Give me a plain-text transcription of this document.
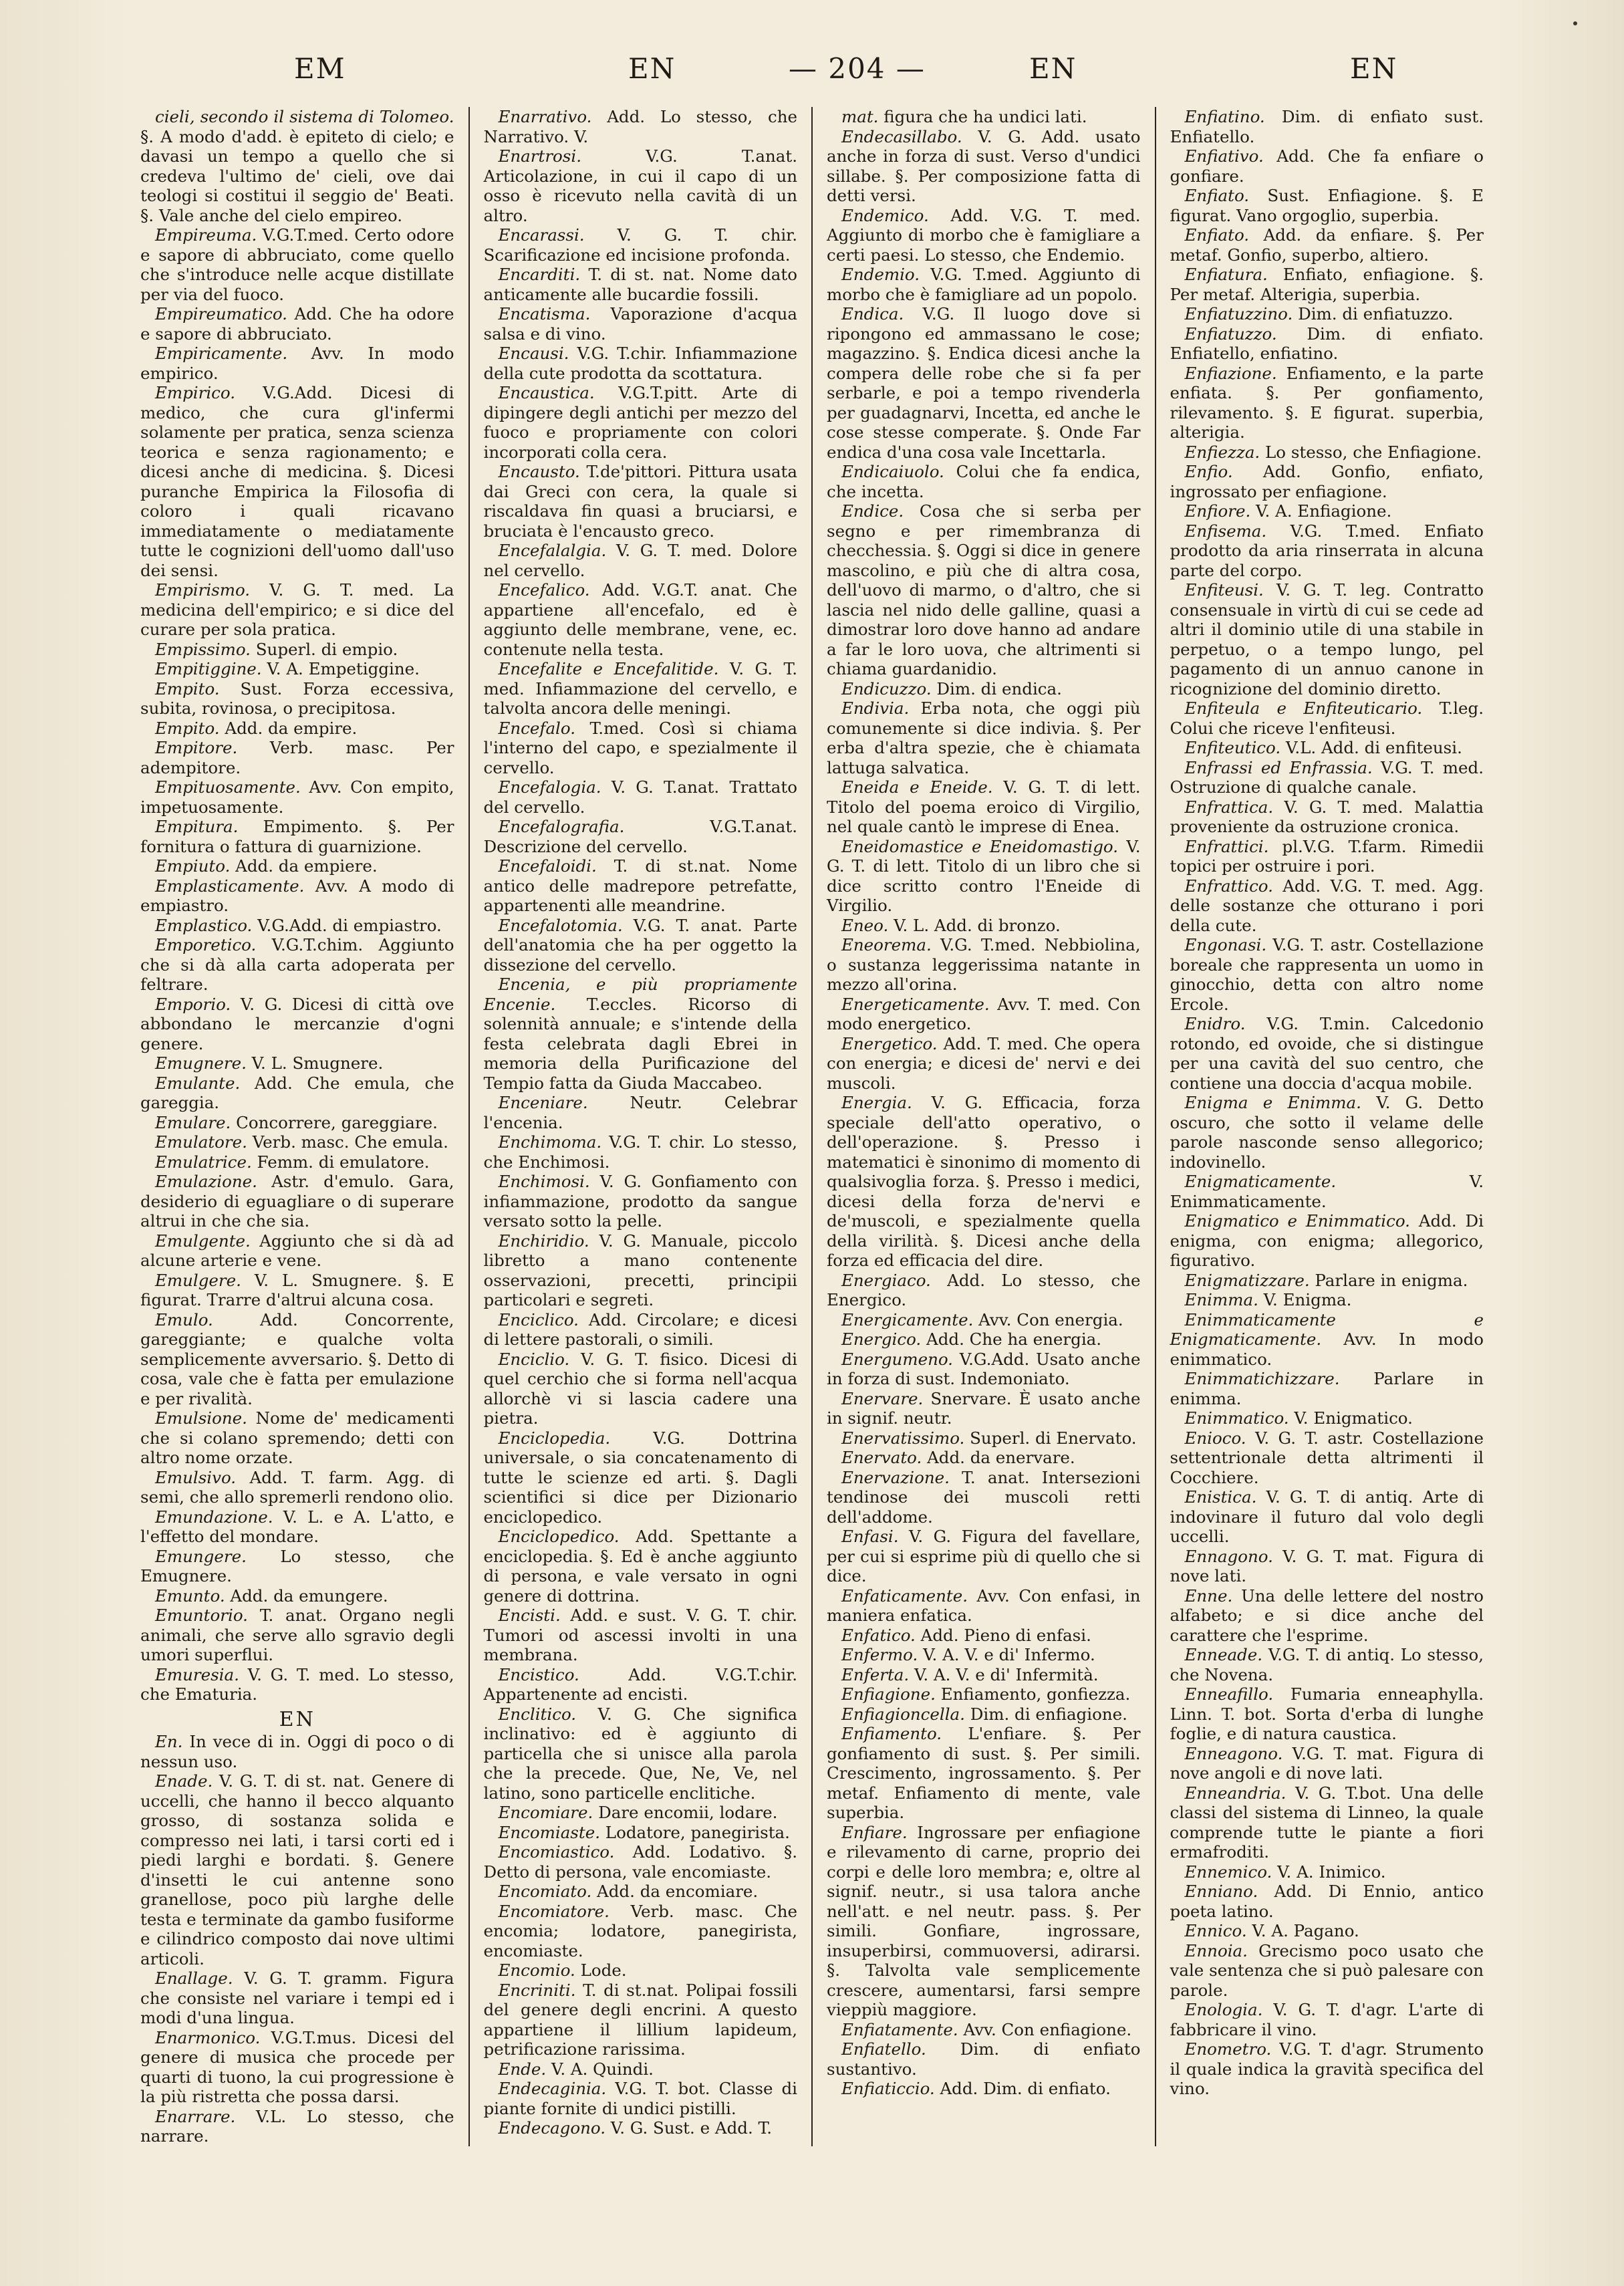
EM	EN	— 204 —	EN	EN

cieli, secondo il sistema di Tolomeo. §. A modo d'add. è epiteto di cielo; e davasi un tempo a quello che si credeva l'ultimo de' cieli, ove dai teologi si costitui il seggio de' Beati. §. Vale anche del cielo empireo.

Empireuma. V.G.T.med. Certo odore e sapore di abbruciato, come quello che s'introduce nelle acque distillate per via del fuoco.

Empireumatico. Add. Che ha odore e sapore di abbruciato.

Empiricamente. Avv. In modo empirico.

Empirico. V.G.Add. Dicesi di medico, che cura gl'infermi solamente per pratica, senza scienza teorica e senza ragionamento; e dicesi anche di medicina. §. Dicesi puranche Empirica la Filosofia di coloro i quali ricavano immediatamente o mediatamente tutte le cognizioni dell'uomo dall'uso dei sensi.

Empirismo. V. G. T. med. La medicina dell'empirico; e si dice del curare per sola pratica.

Empissimo. Superl. di empio.

Empitiggine. V. A. Empetiggine.

Empito. Sust. Forza eccessiva, subita, rovinosa, o precipitosa.

Empito. Add. da empire.

Empitore. Verb. masc. Per adempitore.

Empituosamente. Avv. Con empito, impetuosamente.

Empitura. Empimento. §. Per fornitura o fattura di guarnizione.

Empiuto. Add. da empiere.

Emplasticamente. Avv. A modo di empiastro.

Emplastico. V.G.Add. di empiastro.

Emporetico. V.G.T.chim. Aggiunto che si dà alla carta adoperata per feltrare.

Emporio. V. G. Dicesi di città ove abbondano le mercanzie d'ogni genere.

Emugnere. V. L. Smugnere.

Emulante. Add. Che emula, che gareggia.

Emulare. Concorrere, gareggiare.

Emulatore. Verb. masc. Che emula.

Emulatrice. Femm. di emulatore.

Emulazione. Astr. d'emulo. Gara, desiderio di eguagliare o di superare altrui in che che sia.

Emulgente. Aggiunto che si dà ad alcune arterie e vene.

Emulgere. V. L. Smugnere. §. E figurat. Trarre d'altrui alcuna cosa.

Emulo. Add. Concorrente, gareggiante; e qualche volta semplicemente avversario. §. Detto di cosa, vale che è fatta per emulazione e per rivalità.

Emulsione. Nome de' medicamenti che si colano spremendo; detti con altro nome orzate.

Emulsivo. Add. T. farm. Agg. di semi, che allo spremerli rendono olio.

Emundazione. V. L. e A. L'atto, e l'effetto del mondare.

Emungere. Lo stesso, che Emugnere.

Emunto. Add. da emungere.

Emuntorio. T. anat. Organo negli animali, che serve allo sgravio degli umori superflui.

Emuresia. V. G. T. med. Lo stesso, che Ematuria.

EN

En. In vece di in. Oggi di poco o di nessun uso.

Enade. V. G. T. di st. nat. Genere di uccelli, che hanno il becco alquanto grosso, di sostanza solida e compresso nei lati, i tarsi corti ed i piedi larghi e bordati. §. Genere d'insetti le cui antenne sono granellose, poco più larghe delle testa e terminate da gambo fusiforme e cilindrico composto dai nove ultimi articoli.

Enallage. V. G. T. gramm. Figura che consiste nel variare i tempi ed i modi d'una lingua.

Enarmonico. V.G.T.mus. Dicesi del genere di musica che procede per quarti di tuono, la cui progressione è la più ristretta che possa darsi.

Enarrare. V.L. Lo stesso, che narrare.

Enarrativo. Add. Lo stesso, che Narrativo. V.

Enartrosi. V.G. T.anat. Articolazione, in cui il capo di un osso è ricevuto nella cavità di un altro.

Encarassi. V. G. T. chir. Scarificazione ed incisione profonda.

Encarditi. T. di st. nat. Nome dato anticamente alle bucardie fossili.

Encatisma. Vaporazione d'acqua salsa e di vino.

Encausi. V.G. T.chir. Infiammazione della cute prodotta da scottatura.

Encaustica. V.G.T.pitt. Arte di dipingere degli antichi per mezzo del fuoco e propriamente con colori incorporati colla cera.

Encausto. T.de'pittori. Pittura usata dai Greci con cera, la quale si riscaldava fin quasi a bruciarsi, e bruciata è l'encausto greco.

Encefalalgia. V. G. T. med. Dolore nel cervello.

Encefalico. Add. V.G.T. anat. Che appartiene all'encefalo, ed è aggiunto delle membrane, vene, ec. contenute nella testa.

Encefalite e Encefalitide. V. G. T. med. Infiammazione del cervello, e talvolta ancora delle meningi.

Encefalo. T.med. Così si chiama l'interno del capo, e spezialmente il cervello.

Encefalogia. V. G. T.anat. Trattato del cervello.

Encefalografia. V.G.T.anat. Descrizione del cervello.

Encefaloidi. T. di st.nat. Nome antico delle madrepore petrefatte, appartenenti alle meandrine.

Encefalotomia. V.G. T. anat. Parte dell'anatomia che ha per oggetto la dissezione del cervello.

Encenia, e più propriamente Encenie. T.eccles. Ricorso di solennità annuale; e s'intende della festa celebrata dagli Ebrei in memoria della Purificazione del Tempio fatta da Giuda Maccabeo.

Enceniare. Neutr. Celebrar l'encenia.

Enchimoma. V.G. T. chir. Lo stesso, che Enchimosi.

Enchimosi. V. G. Gonfiamento con infiammazione, prodotto da sangue versato sotto la pelle.

Enchiridio. V. G. Manuale, piccolo libretto a mano contenente osservazioni, precetti, principii particolari e segreti.

Enciclico. Add. Circolare; e dicesi di lettere pastorali, o simili.

Enciclio. V. G. T. fisico. Dicesi di quel cerchio che si forma nell'acqua allorchè vi si lascia cadere una pietra.

Enciclopedia. V.G. Dottrina universale, o sia concatenamento di tutte le scienze ed arti. §. Dagli scientifici si dice per Dizionario enciclopedico.

Enciclopedico. Add. Spettante a enciclopedia. §. Ed è anche aggiunto di persona, e vale versato in ogni genere di dottrina.

Encisti. Add. e sust. V. G. T. chir. Tumori od ascessi involti in una membrana.

Encistico. Add. V.G.T.chir. Appartenente ad encisti.

Enclitico. V. G. Che significa inclinativo: ed è aggiunto di particella che si unisce alla parola che la precede. Que, Ne, Ve, nel latino, sono particelle enclitiche.

Encomiare. Dare encomii, lodare.

Encomiaste. Lodatore, panegirista.

Encomiastico. Add. Lodativo. §. Detto di persona, vale encomiaste.

Encomiato. Add. da encomiare.

Encomiatore. Verb. masc. Che encomia; lodatore, panegirista, encomiaste.

Encomio. Lode.

Encriniti. T. di st.nat. Polipai fossili del genere degli encrini. A questo appartiene il lillium lapideum, petrificazione rarissima.

Ende. V. A. Quindi.

Endecaginia. V.G. T. bot. Classe di piante fornite di undici pistilli.

Endecagono. V. G. Sust. e Add. T.

mat. figura che ha undici lati.

Endecasillabo. V. G. Add. usato anche in forza di sust. Verso d'undici sillabe. §. Per composizione fatta di detti versi.

Endemico. Add. V.G. T. med. Aggiunto di morbo che è famigliare a certi paesi. Lo stesso, che Endemio.

Endemio. V.G. T.med. Aggiunto di morbo che è famigliare ad un popolo.

Endica. V.G. Il luogo dove si ripongono ed ammassano le cose; magazzino. §. Endica dicesi anche la compera delle robe che si fa per serbarle, e poi a tempo rivenderla per guadagnarvi, Incetta, ed anche le cose stesse comperate. §. Onde Far endica d'una cosa vale Incettarla.

Endicaiuolo. Colui che fa endica, che incetta.

Endice. Cosa che si serba per segno e per rimembranza di checchessia. §. Oggi si dice in genere mascolino, e più che di altra cosa, dell'uovo di marmo, o d'altro, che si lascia nel nido delle galline, quasi a dimostrar loro dove hanno ad andare a far le loro uova, che altrimenti si chiama guardanidio.

Endicuzzo. Dim. di endica.

Endivia. Erba nota, che oggi più comunemente si dice indivia. §. Per erba d'altra spezie, che è chiamata lattuga salvatica.

Eneida e Eneide. V. G. T. di lett. Titolo del poema eroico di Virgilio, nel quale cantò le imprese di Enea.

Eneidomastice e Eneidomastigo. V. G. T. di lett. Titolo di un libro che si dice scritto contro l'Eneide di Virgilio.

Eneo. V. L. Add. di bronzo.

Eneorema. V.G. T.med. Nebbiolina, o sustanza leggerissima natante in mezzo all'orina.

Energeticamente. Avv. T. med. Con modo energetico.

Energetico. Add. T. med. Che opera con energia; e dicesi de' nervi e dei muscoli.

Energia. V. G. Efficacia, forza speciale dell'atto operativo, o dell'operazione. §. Presso i matematici è sinonimo di momento di qualsivoglia forza. §. Presso i medici, dicesi della forza de'nervi e de'muscoli, e spezialmente quella della virilità. §. Dicesi anche della forza ed efficacia del dire.

Energiaco. Add. Lo stesso, che Energico.

Energicamente. Avv. Con energia.

Energico. Add. Che ha energia.

Energumeno. V.G.Add. Usato anche in forza di sust. Indemoniato.

Enervare. Snervare. È usato anche in signif. neutr.

Enervatissimo. Superl. di Enervato.

Enervato. Add. da enervare.

Enervazione. T. anat. Intersezioni tendinose dei muscoli retti dell'addome.

Enfasi. V. G. Figura del favellare, per cui si esprime più di quello che si dice.

Enfaticamente. Avv. Con enfasi, in maniera enfatica.

Enfatico. Add. Pieno di enfasi.

Enfermo. V. A. V. e di' Infermo.

Enferta. V. A. V. e di' Infermità.

Enfiagione. Enfiamento, gonfiezza.

Enfiagioncella. Dim. di enfiagione.

Enfiamento. L'enfiare. §. Per gonfiamento di sust. §. Per simili. Crescimento, ingrossamento. §. Per metaf. Enfiamento di mente, vale superbia.

Enfiare. Ingrossare per enfiagione e rilevamento di carne, proprio dei corpi e delle loro membra; e, oltre al signif. neutr., si usa talora anche nell'att. e nel neutr. pass. §. Per simili. Gonfiare, ingrossare, insuperbirsi, commuoversi, adirarsi. §. Talvolta vale semplicemente crescere, aumentarsi, farsi sempre vieppiù maggiore.

Enfiatamente. Avv. Con enfiagione.

Enfiatello. Dim. di enfiato sustantivo.

Enfiaticcio. Add. Dim. di enfiato.

Enfiatino. Dim. di enfiato sust. Enfiatello.

Enfiativo. Add. Che fa enfiare o gonfiare.

Enfiato. Sust. Enfiagione. §. E figurat. Vano orgoglio, superbia.

Enfiato. Add. da enfiare. §. Per metaf. Gonfio, superbo, altiero.

Enfiatura. Enfiato, enfiagione. §. Per metaf. Alterigia, superbia.

Enfiatuzzino. Dim. di enfiatuzzo.

Enfiatuzzo. Dim. di enfiato. Enfiatello, enfiatino.

Enfiazione. Enfiamento, e la parte enfiata. §. Per gonfiamento, rilevamento. §. E figurat. superbia, alterigia.

Enfiezza. Lo stesso, che Enfiagione.

Enfio. Add. Gonfio, enfiato, ingrossato per enfiagione.

Enfiore. V. A. Enfiagione.

Enfisema. V.G. T.med. Enfiato prodotto da aria rinserrata in alcuna parte del corpo.

Enfiteusi. V. G. T. leg. Contratto consensuale in virtù di cui se cede ad altri il dominio utile di una stabile in perpetuo, o a tempo lungo, pel pagamento di un annuo canone in ricognizione del dominio diretto.

Enfiteula e Enfiteuticario. T.leg. Colui che riceve l'enfiteusi.

Enfiteutico. V.L. Add. di enfiteusi.

Enfrassi ed Enfrassia. V.G. T. med. Ostruzione di qualche canale.

Enfrattica. V. G. T. med. Malattia proveniente da ostruzione cronica.

Enfrattici. pl.V.G. T.farm. Rimedii topici per ostruire i pori.

Enfrattico. Add. V.G. T. med. Agg. delle sostanze che otturano i pori della cute.

Engonasi. V.G. T. astr. Costellazione boreale che rappresenta un uomo in ginocchio, detta con altro nome Ercole.

Enidro. V.G. T.min. Calcedonio rotondo, ed ovoide, che si distingue per una cavità del suo centro, che contiene una doccia d'acqua mobile.

Enigma e Enimma. V. G. Detto oscuro, che sotto il velame delle parole nasconde senso allegorico; indovinello.

Enigmaticamente. V. Enimmaticamente.

Enigmatico e Enimmatico. Add. Di enigma, con enigma; allegorico, figurativo.

Enigmatizzare. Parlare in enigma.

Enimma. V. Enigma.

Enimmaticamente e Enigmaticamente. Avv. In modo enimmatico.

Enimmatichizzare. Parlare in enimma.

Enimmatico. V. Enigmatico.

Enioco. V. G. T. astr. Costellazione settentrionale detta altrimenti il Cocchiere.

Enistica. V. G. T. di antiq. Arte di indovinare il futuro dal volo degli uccelli.

Ennagono. V. G. T. mat. Figura di nove lati.

Enne. Una delle lettere del nostro alfabeto; e si dice anche del carattere che l'esprime.

Enneade. V.G. T. di antiq. Lo stesso, che Novena.

Enneafillo. Fumaria enneaphylla. Linn. T. bot. Sorta d'erba di lunghe foglie, e di natura caustica.

Enneagono. V.G. T. mat. Figura di nove angoli e di nove lati.

Enneandria. V. G. T.bot. Una delle classi del sistema di Linneo, la quale comprende tutte le piante a fiori ermafroditi.

Ennemico. V. A. Inimico.

Enniano. Add. Di Ennio, antico poeta latino.

Ennico. V. A. Pagano.

Ennoia. Grecismo poco usato che vale sentenza che si può palesare con parole.

Enologia. V. G. T. d'agr. L'arte di fabbricare il vino.

Enometro. V.G. T. d'agr. Strumento il quale indica la gravità specifica del vino.
